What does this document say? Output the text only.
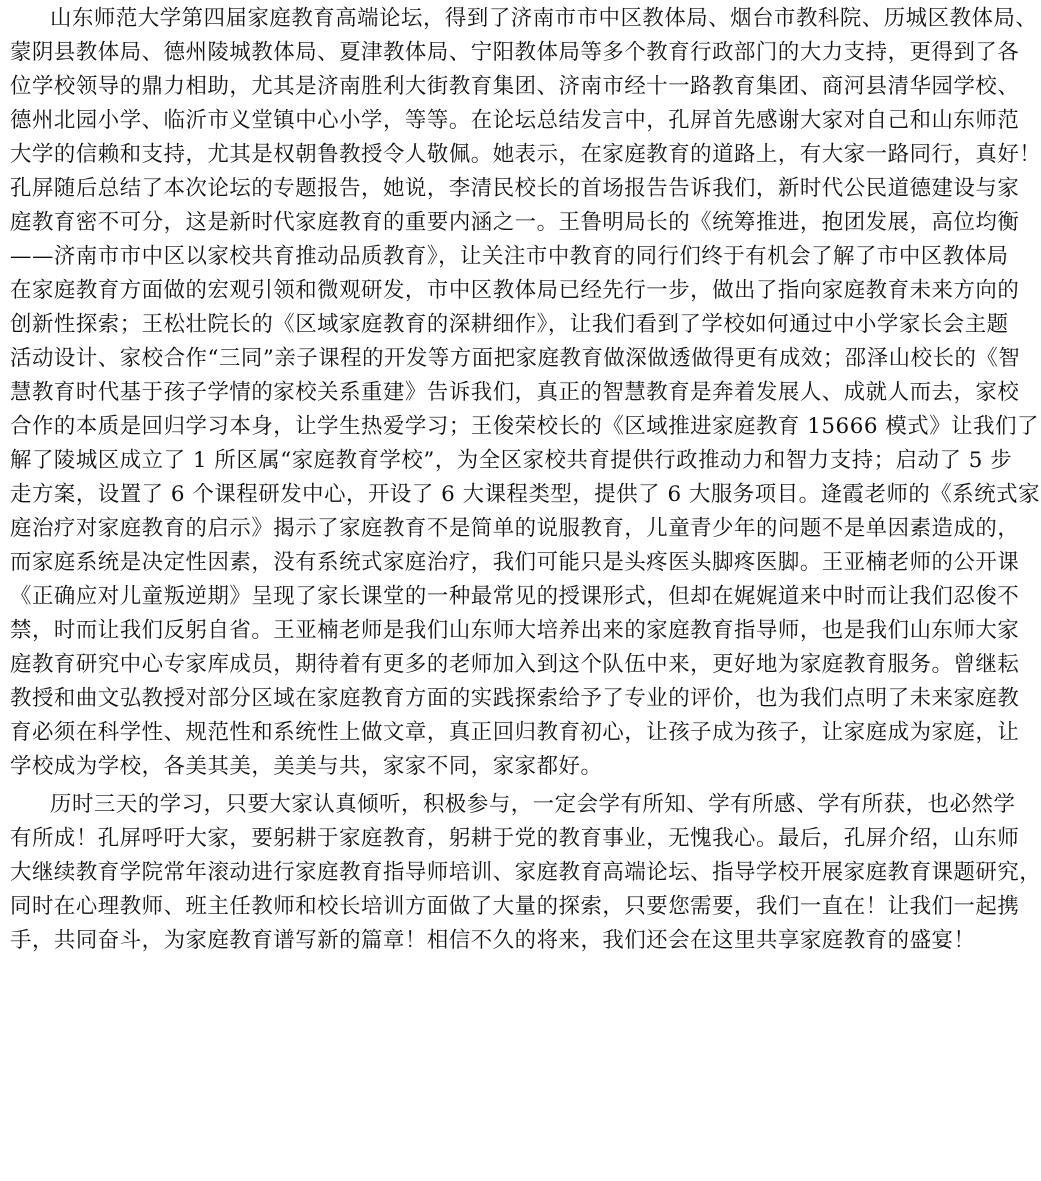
山东师范大学第四届家庭教育高端论坛，得到了济南市市中区教体局、烟台市教科院、历城区教体局、
蒙阴县教体局、德州陵城教体局、夏津教体局、宁阳教体局等多个教育行政部门的大力支持，更得到了各
位学校领导的鼎力相助，尤其是济南胜利大街教育集团、济南市经十一路教育集团、商河县清华园学校、
德州北园小学、临沂市义堂镇中心小学，等等。在论坛总结发言中，孔屏首先感谢大家对自己和山东师范
大学的信赖和支持，尤其是权朝鲁教授令人敬佩。她表示，在家庭教育的道路上，有大家一路同行，真好！
孔屏随后总结了本次论坛的专题报告，她说，李清民校长的首场报告告诉我们，新时代公民道德建设与家
庭教育密不可分，这是新时代家庭教育的重要内涵之一。王鲁明局长的《统筹推进，抱团发展，高位均衡
——济南市市中区以家校共育推动品质教育》，让关注市中教育的同行们终于有机会了解了市中区教体局
在家庭教育方面做的宏观引领和微观研发，市中区教体局已经先行一步，做出了指向家庭教育未来方向的
创新性探索；王松壮院长的《区域家庭教育的深耕细作》，让我们看到了学校如何通过中小学家长会主题
活动设计、家校合作“三同”亲子课程的开发等方面把家庭教育做深做透做得更有成效；邵泽山校长的《智
慧教育时代基于孩子学情的家校关系重建》告诉我们，真正的智慧教育是奔着发展人、成就人而去，家校
合作的本质是回归学习本身，让学生热爱学习；王俊荣校长的《区域推进家庭教育 15666 模式》让我们了
解了陵城区成立了 1 所区属“家庭教育学校”，为全区家校共育提供行政推动力和智力支持；启动了 5 步
走方案，设置了 6 个课程研发中心，开设了 6 大课程类型，提供了 6 大服务项目。逄霞老师的《系统式家
庭治疗对家庭教育的启示》揭示了家庭教育不是简单的说服教育，儿童青少年的问题不是单因素造成的，
而家庭系统是决定性因素，没有系统式家庭治疗，我们可能只是头疼医头脚疼医脚。王亚楠老师的公开课
《正确应对儿童叛逆期》呈现了家长课堂的一种最常见的授课形式，但却在娓娓道来中时而让我们忍俊不
禁，时而让我们反躬自省。王亚楠老师是我们山东师大培养出来的家庭教育指导师，也是我们山东师大家
庭教育研究中心专家库成员，期待着有更多的老师加入到这个队伍中来，更好地为家庭教育服务。曾继耘
教授和曲文弘教授对部分区域在家庭教育方面的实践探索给予了专业的评价，也为我们点明了未来家庭教
育必须在科学性、规范性和系统性上做文章，真正回归教育初心，让孩子成为孩子，让家庭成为家庭，让
学校成为学校，各美其美，美美与共，家家不同，家家都好。
历时三天的学习，只要大家认真倾听，积极参与，一定会学有所知、学有所感、学有所获，也必然学
有所成！孔屏呼吁大家，要躬耕于家庭教育，躬耕于党的教育事业，无愧我心。最后，孔屏介绍，山东师
大继续教育学院常年滚动进行家庭教育指导师培训、家庭教育高端论坛、指导学校开展家庭教育课题研究，
同时在心理教师、班主任教师和校长培训方面做了大量的探索，只要您需要，我们一直在！让我们一起携
手，共同奋斗，为家庭教育谱写新的篇章！相信不久的将来，我们还会在这里共享家庭教育的盛宴！
